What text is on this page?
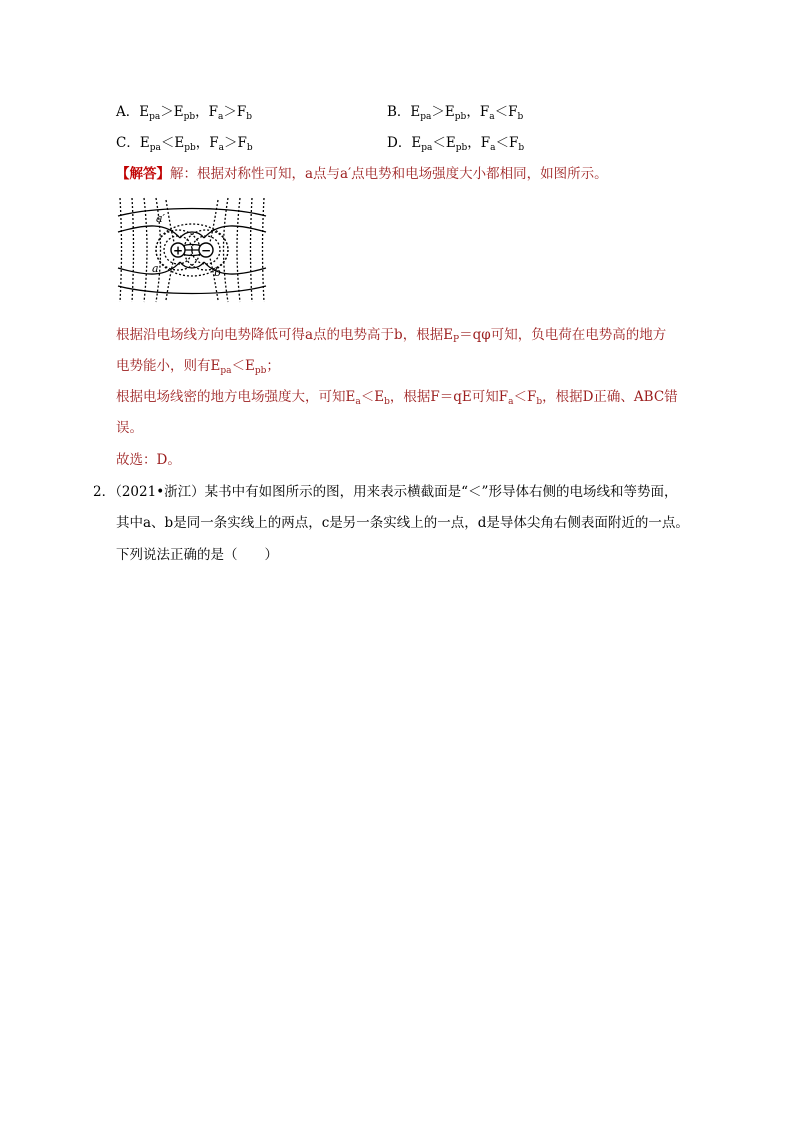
A．$E_{pa}>E_{pb}$，$F_a>F_b$	B．$E_{pa}>E_{pb}$，$F_a<F_b$
C．$E_{pa}<E_{pb}$，$F_a>F_b$	D．$E_{pa}<E_{pb}$，$F_a<F_b$
【解答】解：根据对称性可知，a点与a′点电势和电场强度大小都相同，如图所示。
+ −
a′
a	b
根据沿电场线方向电势降低可得a点的电势高于b，根据$E_P=q\varphi$可知，负电荷在电势高的地方
电势能小，则有$E_{pa}<E_{pb}$；
根据电场线密的地方电场强度大，可知$E_a<E_b$，根据F＝qE可知$F_a<F_b$，根据D正确、ABC错
误。
故选：D。
2．（2021•浙江）某书中有如图所示的图，用来表示横截面是“＜”形导体右侧的电场线和等势面，
其中a、b是同一条实线上的两点，c是另一条实线上的一点，d是导体尖角右侧表面附近的一点。
下列说法正确的是（　　）
